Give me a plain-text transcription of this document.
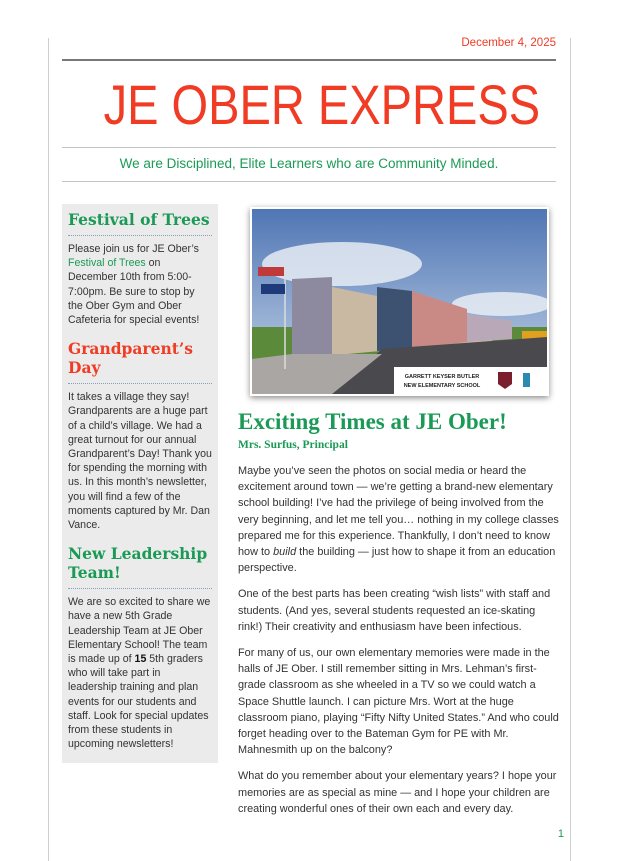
December 4, 2025
JE OBER EXPRESS
We are Disciplined, Elite Learners who are Community Minded.
Festival of Trees

Please join us for JE Ober’s Festival of Trees on December 10th from 5:00-7:00pm. Be sure to stop by the Ober Gym and Ober Cafeteria for special events!

Grandparent’s Day

It takes a village they say! Grandparents are a huge part of a child’s village. We had a great turnout for our annual Grandparent’s Day! Thank you for spending the morning with us. In this month’s newsletter, you will find a few of the moments captured by Mr. Dan Vance.

New Leadership Team!

We are so excited to share we have a new 5th Grade Leadership Team at JE Ober Elementary School! The team is made up of 15 5th graders who will take part in leadership training and plan events for our students and staff. Look for special updates from these students in upcoming newsletters!

GARRETT KEYSER BUTLER
NEW ELEMENTARY SCHOOL
Exciting Times at JE Ober!
Mrs. Surfus, Principal

Maybe you’ve seen the photos on social media or heard the excitement around town — we’re getting a brand-new elementary school building! I’ve had the privilege of being involved from the very beginning, and let me tell you… nothing in my college classes prepared me for this experience. Thankfully, I don’t need to know how to build the building — just how to shape it from an education perspective.

One of the best parts has been creating “wish lists” with staff and students. (And yes, several students requested an ice-skating rink!) Their creativity and enthusiasm have been infectious.

For many of us, our own elementary memories were made in the halls of JE Ober. I still remember sitting in Mrs. Lehman’s first-grade classroom as she wheeled in a TV so we could watch a Space Shuttle launch. I can picture Mrs. Wort at the huge classroom piano, playing “Fifty Nifty United States.” And who could forget heading over to the Bateman Gym for PE with Mr. Mahnesmith up on the balcony?

What do you remember about your elementary years? I hope your memories are as special as mine — and I hope your children are creating wonderful ones of their own each and every day.

1
